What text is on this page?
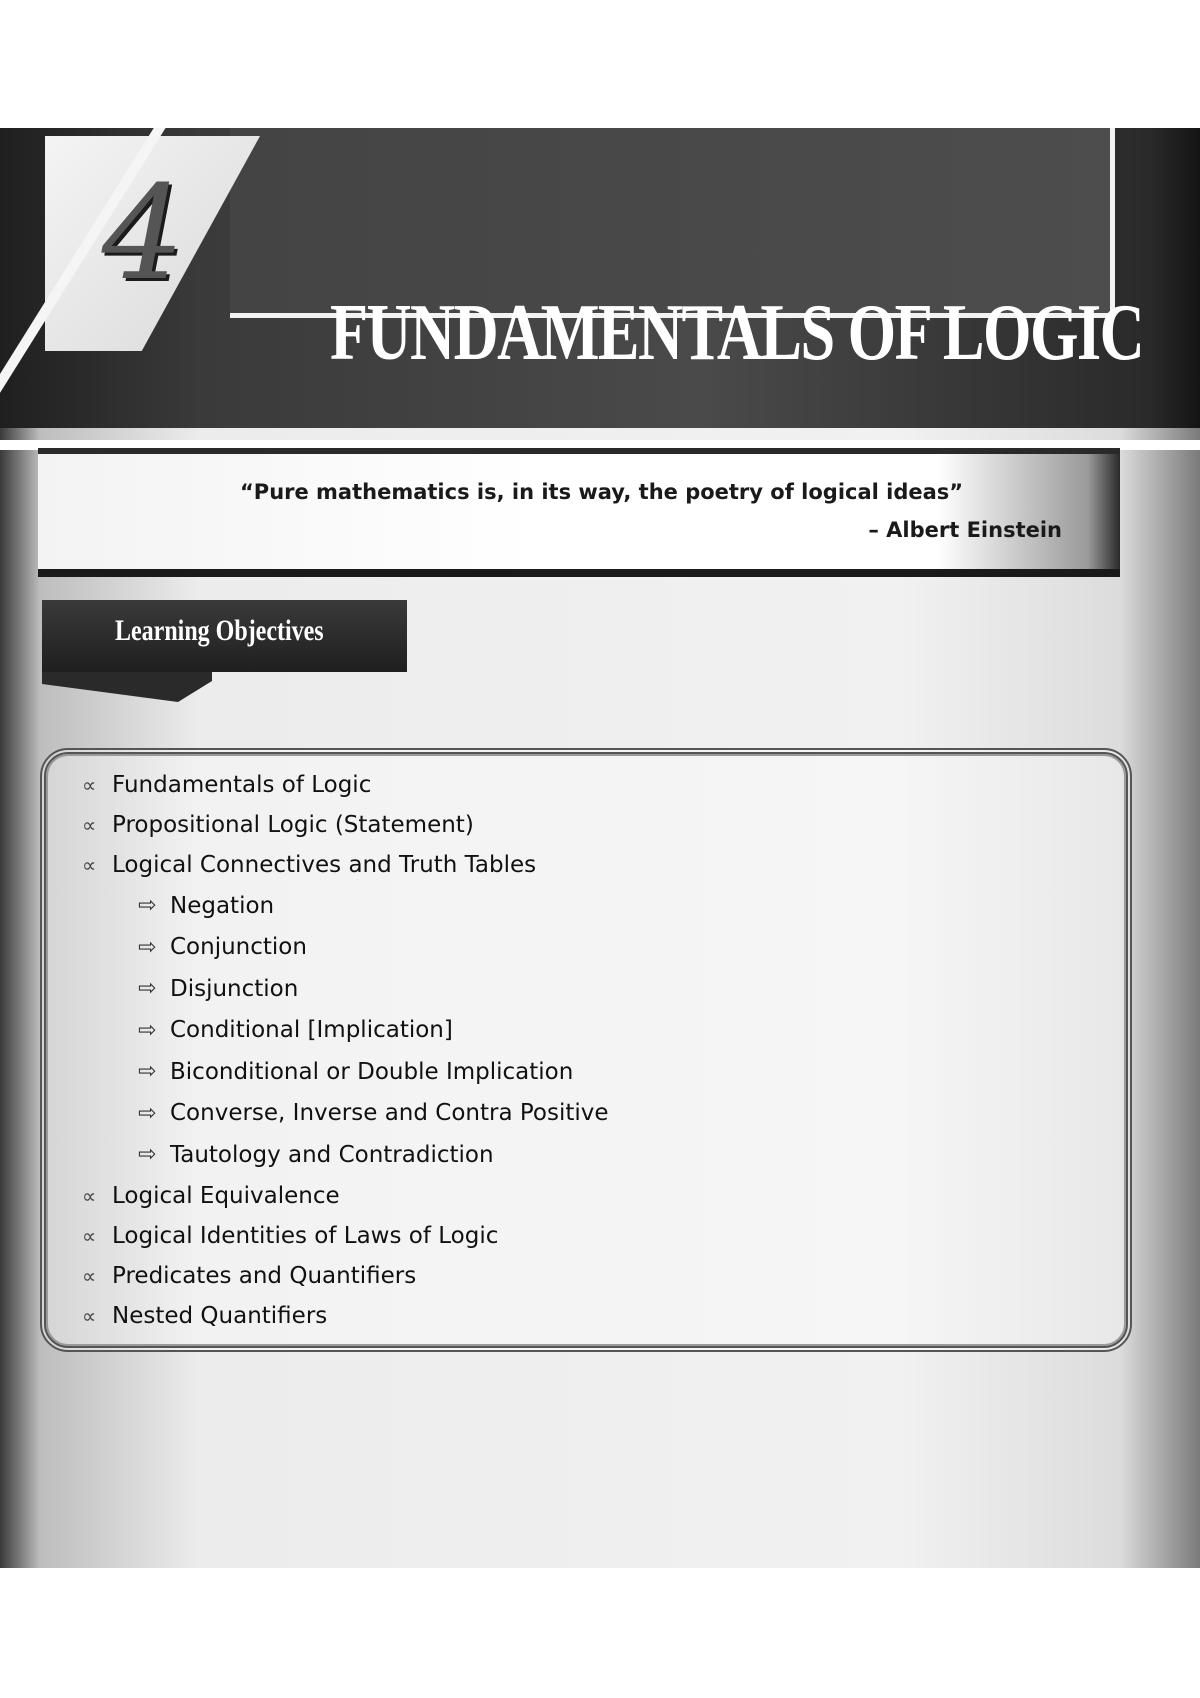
4
FUNDAMENTALS OF LOGIC
“Pure mathematics is, in its way, the poetry of logical ideas”
– Albert Einstein
Learning Objectives
∝ Fundamentals of Logic
∝ Propositional Logic (Statement)
∝ Logical Connectives and Truth Tables
⇨ Negation
⇨ Conjunction
⇨ Disjunction
⇨ Conditional [Implication]
⇨ Biconditional or Double Implication
⇨ Converse, Inverse and Contra Positive
⇨ Tautology and Contradiction
∝ Logical Equivalence
∝ Logical Identities of Laws of Logic
∝ Predicates and Quantifiers
∝ Nested Quantifiers
